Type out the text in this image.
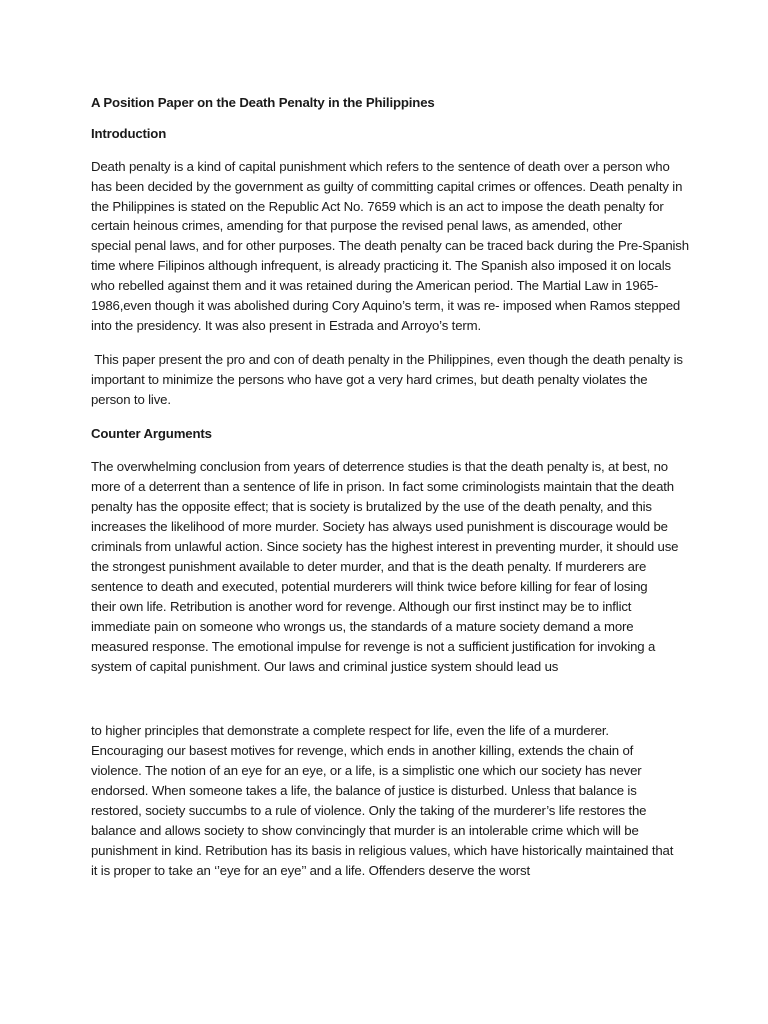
A Position Paper on the Death Penalty in the Philippines
Introduction
Death penalty is a kind of capital punishment which refers to the sentence of death over a person who
has been decided by the government as guilty of committing capital crimes or offences. Death penalty in
the Philippines is stated on the Republic Act No. 7659 which is an act to impose the death penalty for
certain heinous crimes, amending for that purpose the revised penal laws, as amended, other
special penal laws, and for other purposes. The death penalty can be traced back during the Pre-Spanish
time where Filipinos although infrequent, is already practicing it. The Spanish also imposed it on locals
who rebelled against them and it was retained during the American period. The Martial Law in 1965-
1986,even though it was abolished during Cory Aquino’s term, it was re- imposed when Ramos stepped
into the presidency. It was also present in Estrada and Arroyo’s term.
This paper present the pro and con of death penalty in the Philippines, even though the death penalty is
important to minimize the persons who have got a very hard crimes, but death penalty violates the
person to live.
Counter Arguments
The overwhelming conclusion from years of deterrence studies is that the death penalty is, at best, no
more of a deterrent than a sentence of life in prison. In fact some criminologists maintain that the death
penalty has the opposite effect; that is society is brutalized by the use of the death penalty, and this
increases the likelihood of more murder. Society has always used punishment is discourage would be
criminals from unlawful action. Since society has the highest interest in preventing murder, it should use
the strongest punishment available to deter murder, and that is the death penalty. If murderers are
sentence to death and executed, potential murderers will think twice before killing for fear of losing
their own life. Retribution is another word for revenge. Although our first instinct may be to inflict
immediate pain on someone who wrongs us, the standards of a mature society demand a more
measured response. The emotional impulse for revenge is not a sufficient justification for invoking a
system of capital punishment. Our laws and criminal justice system should lead us
to higher principles that demonstrate a complete respect for life, even the life of a murderer.
Encouraging our basest motives for revenge, which ends in another killing, extends the chain of
violence. The notion of an eye for an eye, or a life, is a simplistic one which our society has never
endorsed. When someone takes a life, the balance of justice is disturbed. Unless that balance is
restored, society succumbs to a rule of violence. Only the taking of the murderer’s life restores the
balance and allows society to show convincingly that murder is an intolerable crime which will be
punishment in kind. Retribution has its basis in religious values, which have historically maintained that
it is proper to take an ‘’eye for an eye’’ and a life. Offenders deserve the worst
